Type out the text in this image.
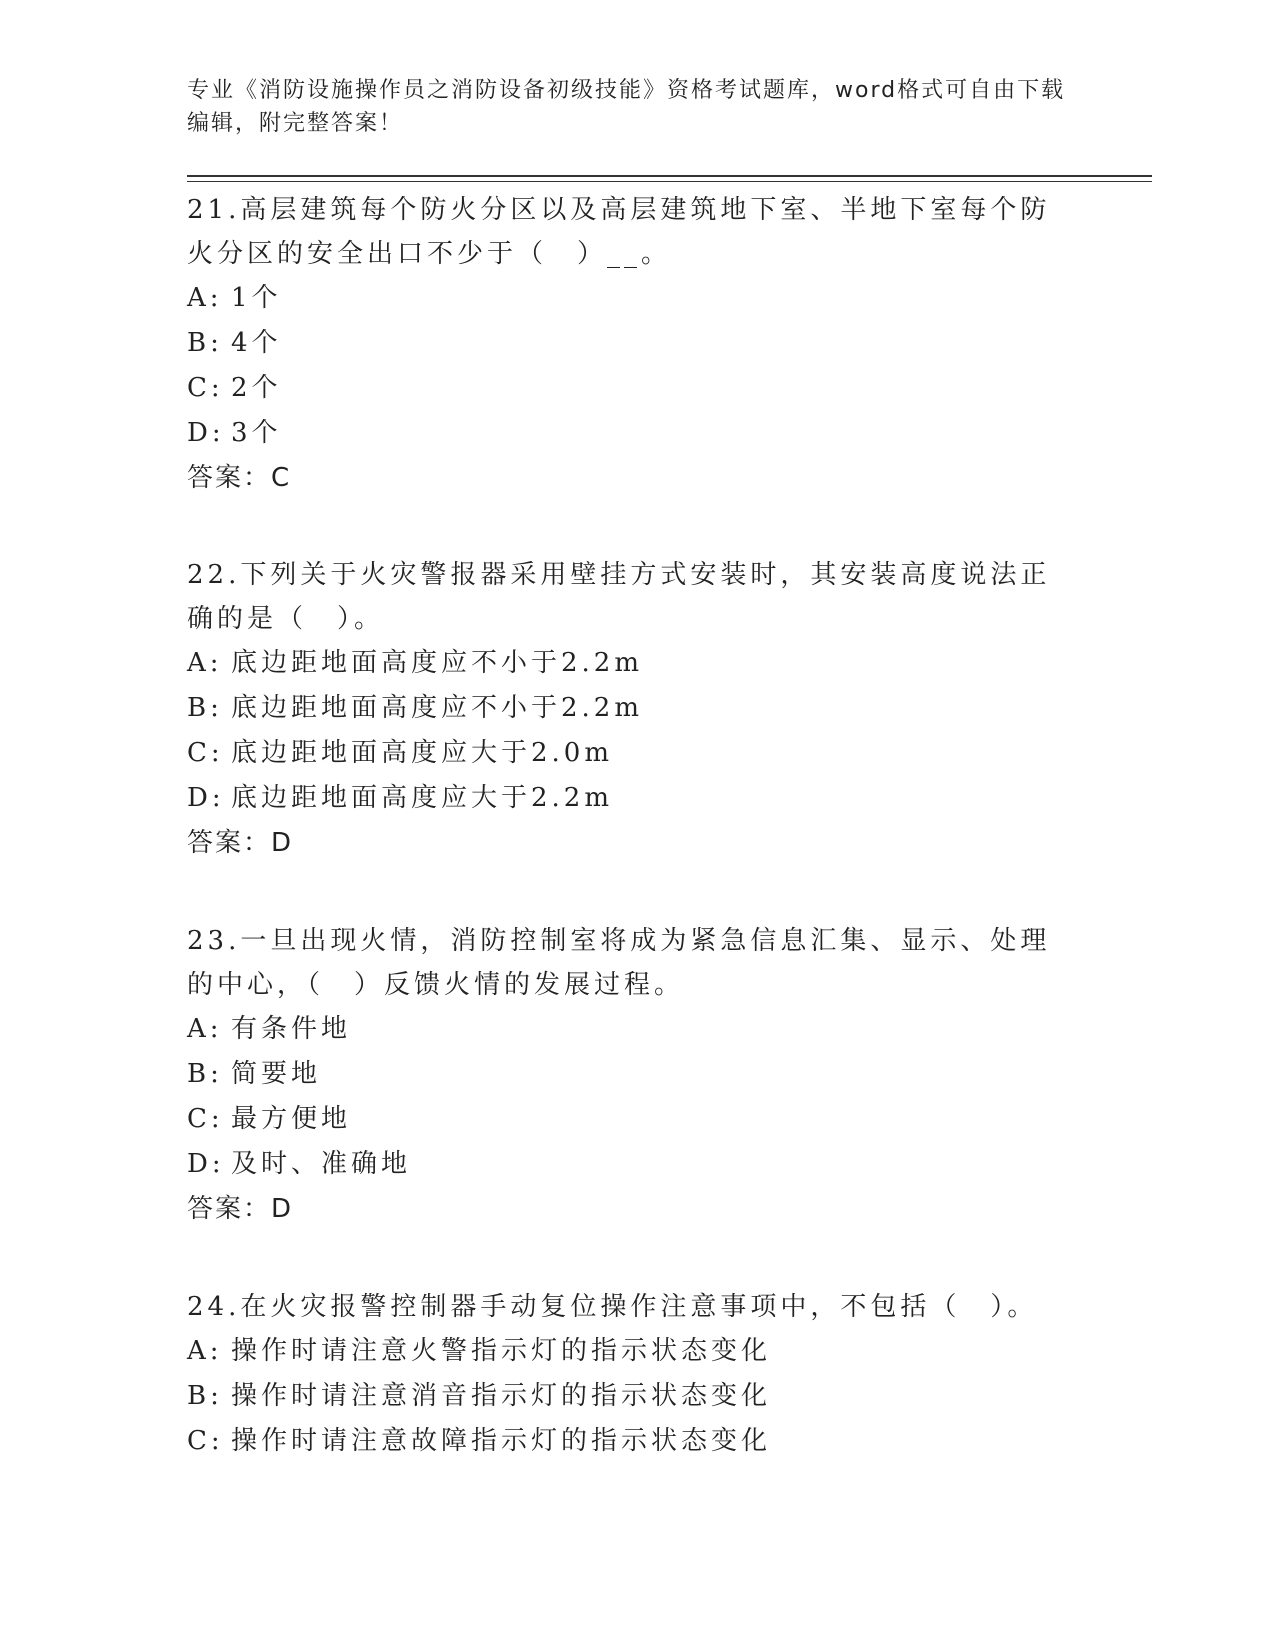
专业《消防设施操作员之消防设备初级技能》资格考试题库，word格式可自由下载编辑，附完整答案！
21.高层建筑每个防火分区以及高层建筑地下室、半地下室每个防火分区的安全出口不少于（　）__。
A: 1个
B: 4个
C: 2个
D: 3个
答案：C
22.下列关于火灾警报器采用壁挂方式安装时，其安装高度说法正确的是（　）。
A: 底边距地面高度应不小于2.2m
B: 底边距地面高度应不小于2.2m
C: 底边距地面高度应大于2.0m
D: 底边距地面高度应大于2.2m
答案：D
23.一旦出现火情，消防控制室将成为紧急信息汇集、显示、处理的中心，（　）反馈火情的发展过程。
A: 有条件地
B: 简要地
C: 最方便地
D: 及时、准确地
答案：D
24.在火灾报警控制器手动复位操作注意事项中，不包括（　）。
A: 操作时请注意火警指示灯的指示状态变化
B: 操作时请注意消音指示灯的指示状态变化
C: 操作时请注意故障指示灯的指示状态变化
